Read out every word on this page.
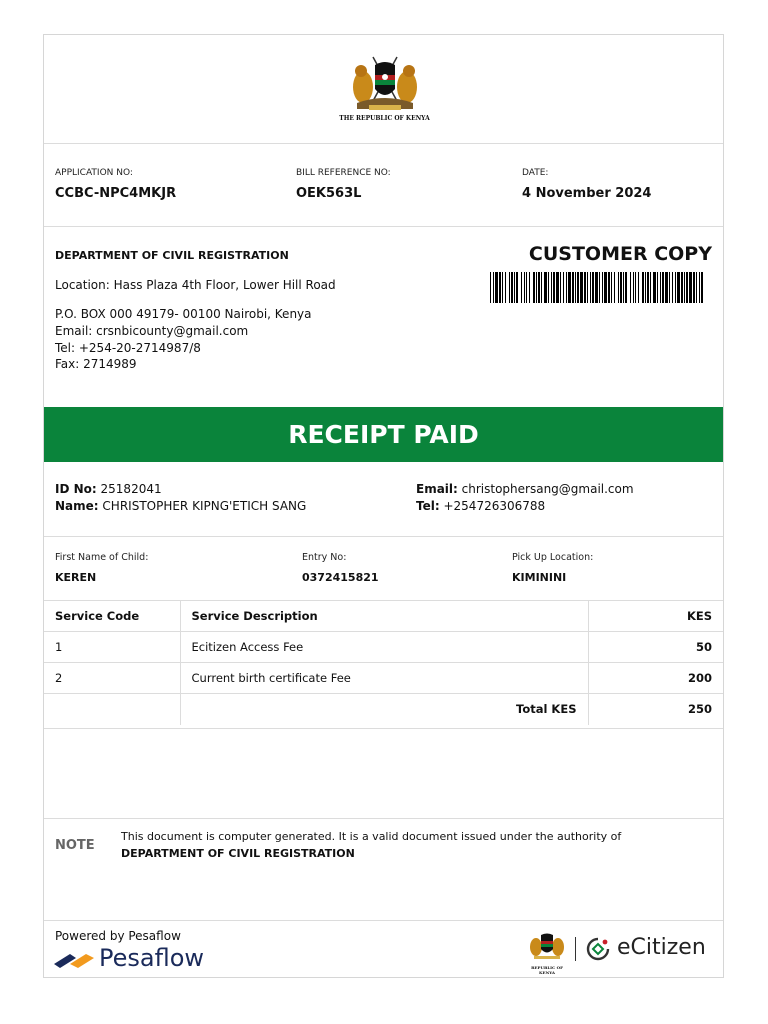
THE REPUBLIC OF KENYA
APPLICATION NO:
CCBC-NPC4MKJR
BILL REFERENCE NO:
OEK563L
DATE:
4 November 2024
DEPARTMENT OF CIVIL REGISTRATION
Location: Hass Plaza 4th Floor, Lower Hill Road
P.O. BOX 000 49179- 00100 Nairobi, Kenya
Email: crsnbicounty@gmail.com
Tel: +254-20-2714987/8
Fax: 2714989
CUSTOMER COPY
RECEIPT PAID
ID No: 25182041
Name: CHRISTOPHER KIPNG'ETICH SANG
Email: christophersang@gmail.com
Tel: +254726306788
First Name of Child:
KEREN
Entry No:
0372415821
Pick Up Location:
KIMININI
Service Code	Service Description	KES
1	Ecitizen Access Fee	50
2	Current birth certificate Fee	200
	Total KES	250
NOTE
This document is computer generated. It is a valid document issued under the authority of
DEPARTMENT OF CIVIL REGISTRATION
Powered by Pesaflow
Pesaflow	REPUBLIC OF KENYA
eCitizen
